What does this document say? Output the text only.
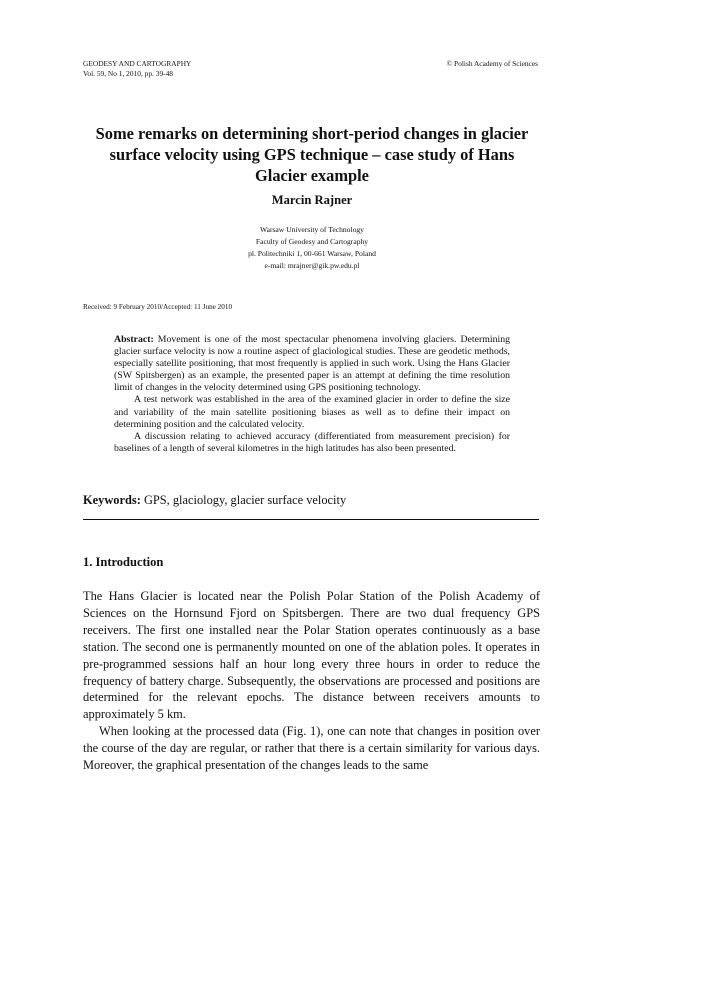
GEODESY AND CARTOGRAPHY	© Polish Academy of Sciences
Vol. 59, No 1, 2010, pp. 39-48
Some remarks on determining short-period changes in glacier surface velocity using GPS technique – case study of Hans Glacier example
Marcin Rajner
Warsaw University of Technology
Faculty of Geodesy and Cartography
pl. Politechniki 1, 00-661 Warsaw, Poland
e-mail: mrajner@gik.pw.edu.pl
Received: 9 February 2010/Accepted: 11 June 2010

Abstract: Movement is one of the most spectacular phenomena involving glaciers. Determining glacier surface velocity is now a routine aspect of glaciological studies. These are geodetic methods, especially satellite positioning, that most frequently is applied in such work. Using the Hans Glacier (SW Spitsbergen) as an example, the presented paper is an attempt at defining the time resolution limit of changes in the velocity determined using GPS positioning technology.

A test network was established in the area of the examined glacier in order to define the size and variability of the main satellite positioning biases as well as to define their impact on determining position and the calculated velocity.

A discussion relating to achieved accuracy (differentiated from measurement precision) for baselines of a length of several kilometres in the high latitudes has also been presented.

Keywords: GPS, glaciology, glacier surface velocity
1. Introduction

The Hans Glacier is located near the Polish Polar Station of the Polish Academy of Sciences on the Hornsund Fjord on Spitsbergen. There are two dual frequency GPS receivers. The first one installed near the Polar Station operates continuously as a base station. The second one is permanently mounted on one of the ablation poles. It operates in pre-programmed sessions half an hour long every three hours in order to reduce the frequency of battery charge. Subsequently, the observations are processed and positions are determined for the relevant epochs. The distance between receivers amounts to approximately 5 km.

When looking at the processed data (Fig. 1), one can note that changes in position over the course of the day are regular, or rather that there is a certain similarity for various days. Moreover, the graphical presentation of the changes leads to the same
